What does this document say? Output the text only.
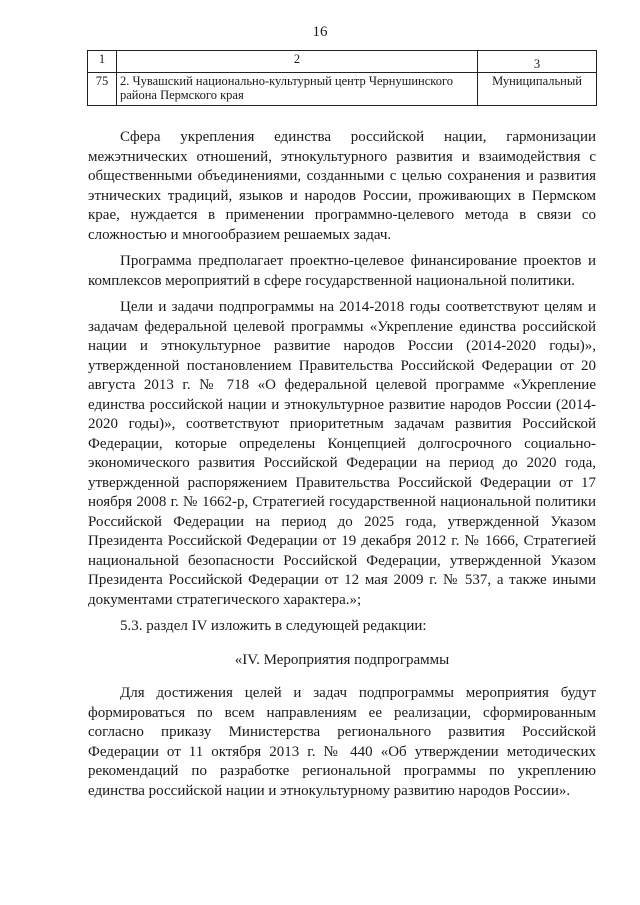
16
1	2	3
75	2. Чувашский национально-культурный центр Чернушинского района Пермского края	Муниципальный

Сфера укрепления единства российской нации, гармонизации межэтнических отношений, этнокультурного развития и взаимодействия с общественными объединениями, созданными с целью сохранения и развития этнических традиций, языков и народов России, проживающих в Пермском крае, нуждается в применении программно-целевого метода в связи со сложностью и многообразием решаемых задач.

Программа предполагает проектно-целевое финансирование проектов и комплексов мероприятий в сфере государственной национальной политики.

Цели и задачи подпрограммы на 2014-2018 годы соответствуют целям и задачам федеральной целевой программы «Укрепление единства российской нации и этнокультурное развитие народов России (2014-2020 годы)», утвержденной постановлением Правительства Российской Федерации от 20 августа 2013 г. № 718 «О федеральной целевой программе «Укрепление единства российской нации и этнокультурное развитие народов России (2014-2020 годы)», соответствуют приоритетным задачам развития Российской Федерации, которые определены Концепцией долгосрочного социально-экономического развития Российской Федерации на период до 2020 года, утвержденной распоряжением Правительства Российской Федерации от 17 ноября 2008 г. № 1662-р, Стратегией государственной национальной политики Российской Федерации на период до 2025 года, утвержденной Указом Президента Российской Федерации от 19 декабря 2012 г. № 1666, Стратегией национальной безопасности Российской Федерации, утвержденной Указом Президента Российской Федерации от 12 мая 2009 г. № 537, а также иными документами стратегического характера.»;

5.3. раздел IV изложить в следующей редакции:

«IV. Мероприятия подпрограммы

Для достижения целей и задач подпрограммы мероприятия будут формироваться по всем направлениям ее реализации, сформированным согласно приказу Министерства регионального развития Российской Федерации от 11 октября 2013 г. № 440 «Об утверждении методических рекомендаций по разработке региональной программы по укреплению единства российской нации и этнокультурному развитию народов России».
